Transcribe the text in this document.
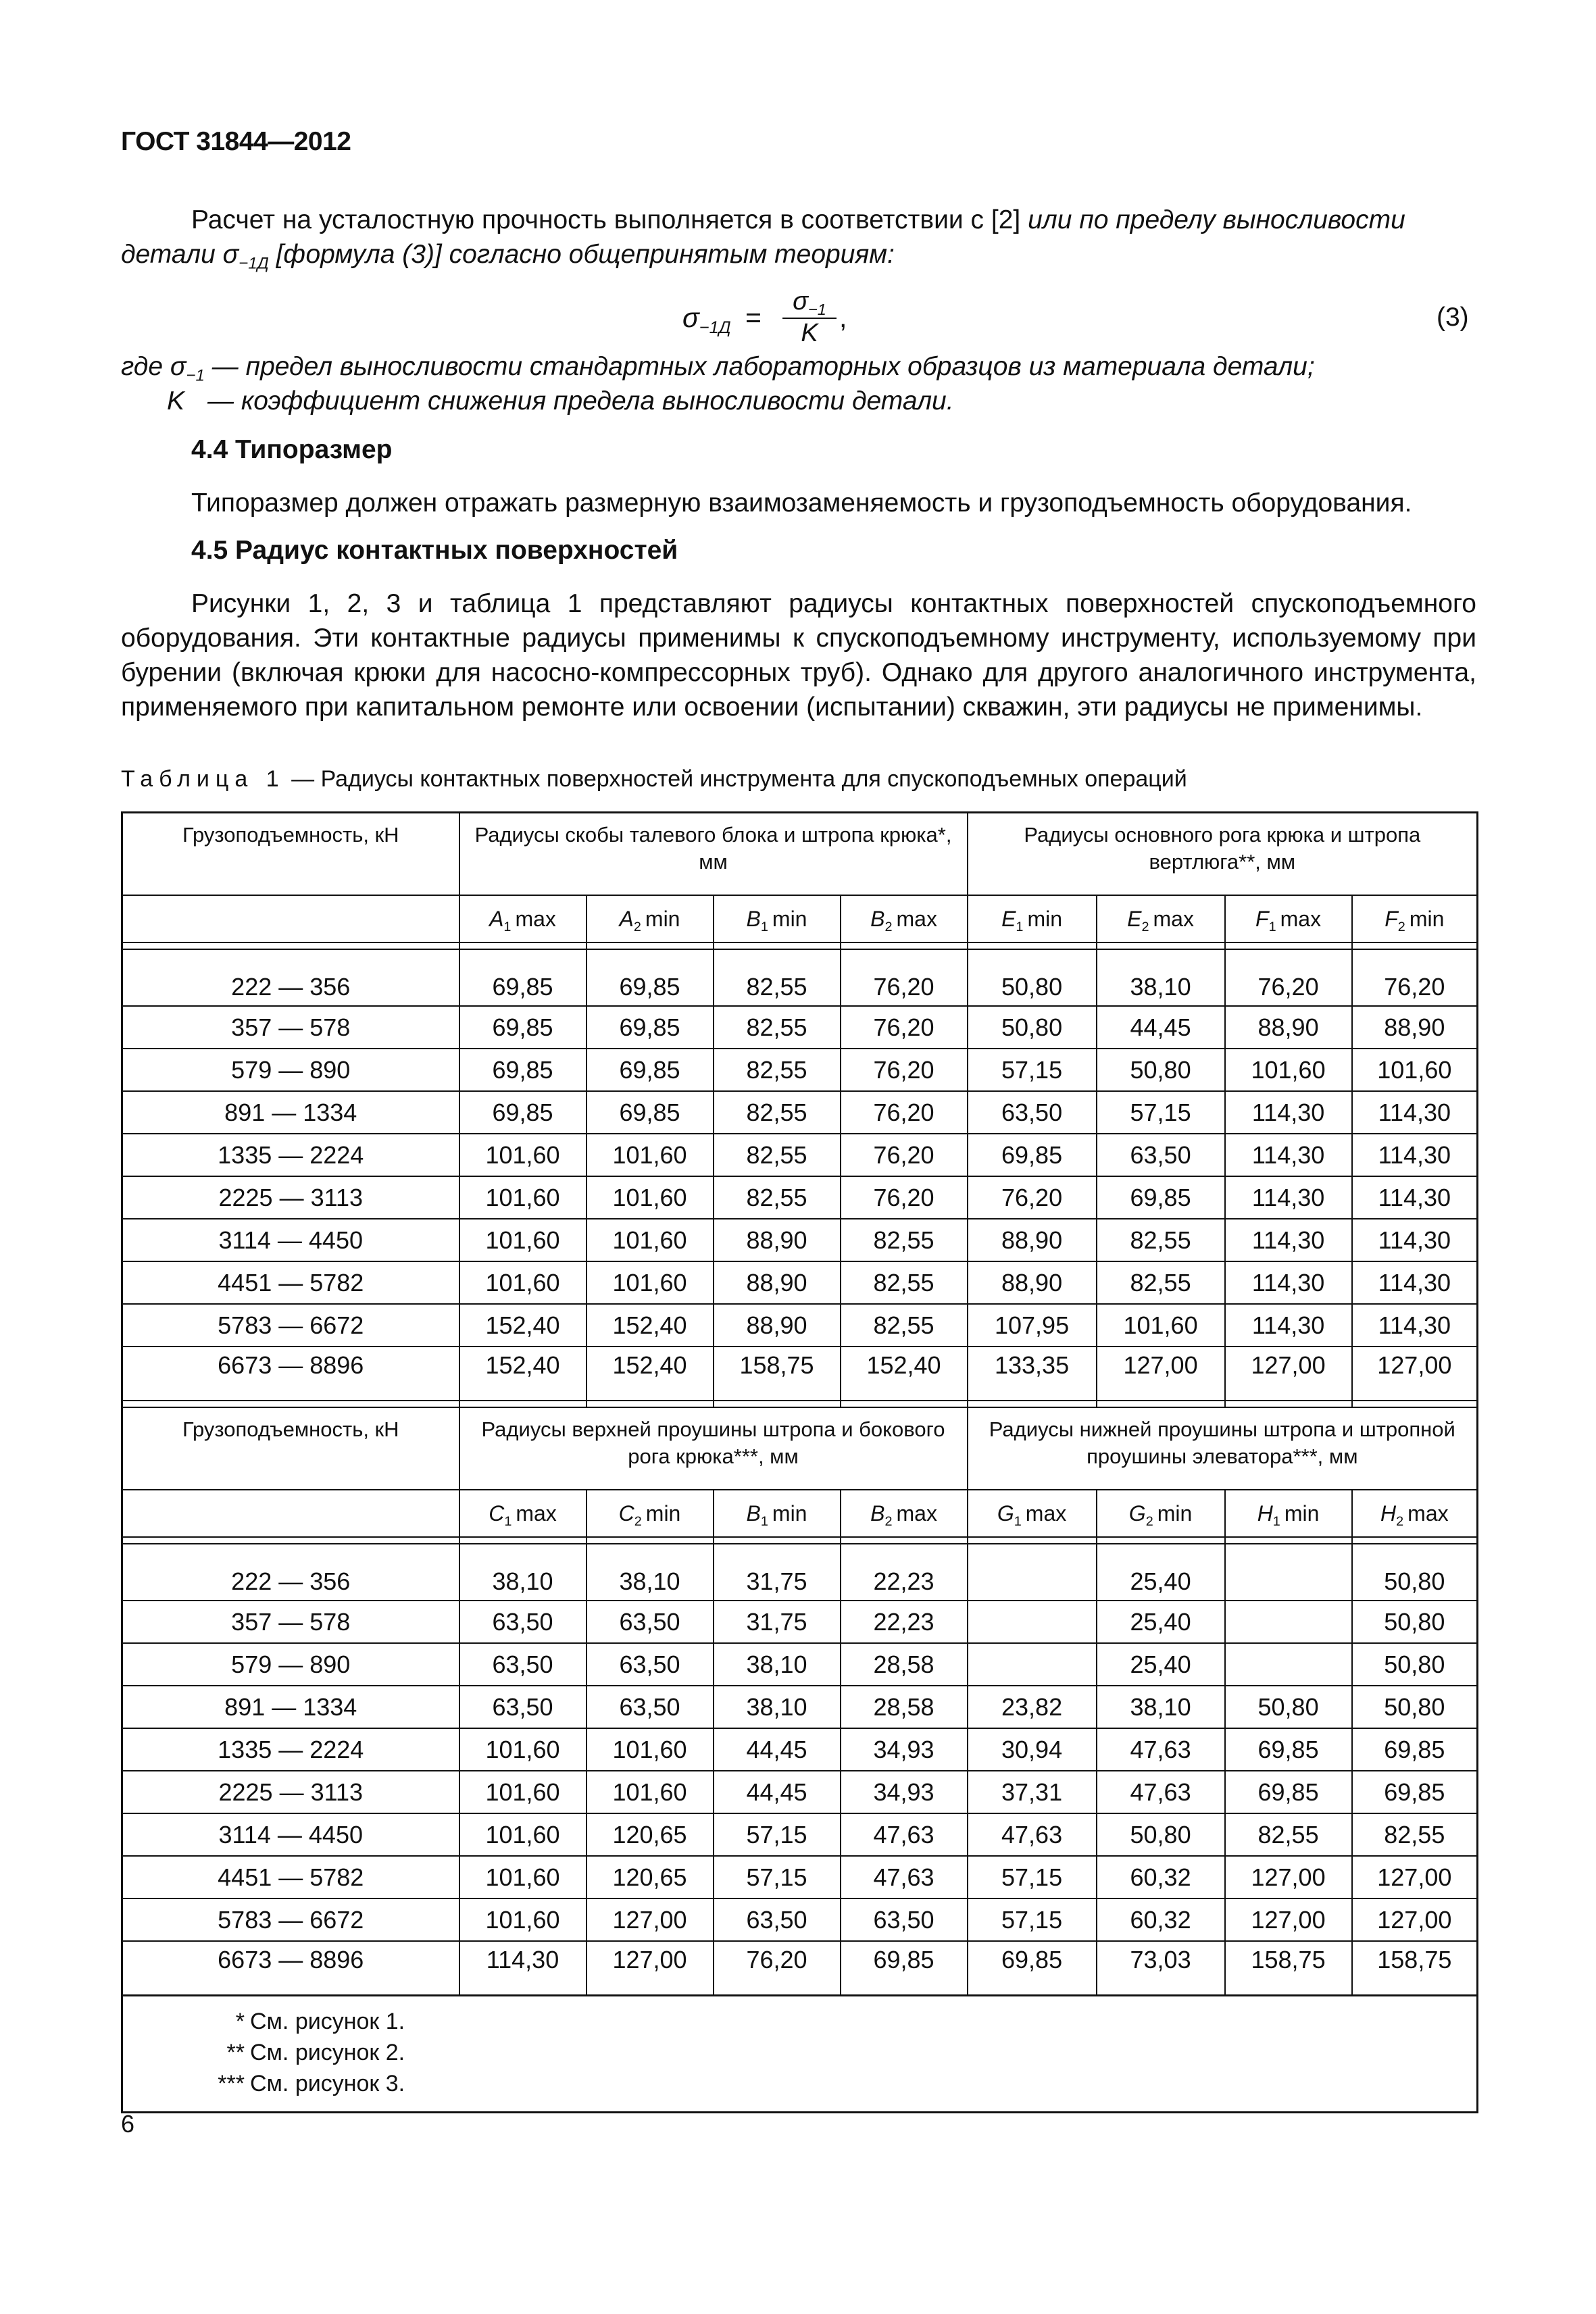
ГОСТ 31844—2012
Расчет на усталостную прочность выполняется в соответствии с [2] или по пределу выносливости
детали $\sigma_{-1Д}$ [формула (3)] согласно общепринятым теориям:
$\sigma_{-1Д} = \frac{\sigma_{-1}}{K}$ ,	(3)
где $\sigma_{-1}$ — предел выносливости стандартных лабораторных образцов из материала детали;
K — коэффициент снижения предела выносливости детали.
4.4 Типоразмер
Типоразмер должен отражать размерную взаимозаменяемость и грузоподъемность оборудования.
4.5 Радиус контактных поверхностей
Рисунки 1, 2, 3 и таблица 1 представляют радиусы контактных поверхностей спускоподъемного оборудования. Эти контактные радиусы применимы к спускоподъемному инструменту, используемому при бурении (включая крюки для насосно-компрессорных труб). Однако для другого аналогичного инструмента, применяемого при капитальном ремонте или освоении (испытании) скважин, эти радиусы не применимы.
Таблица 1 — Радиусы контактных поверхностей инструмента для спускоподъемных операций
Грузоподъемность, кН	Радиусы скобы талевого блока и штропа крюка*, мм				Радиусы основного рога крюка и штропа вертлюга**, мм			
	$A_1$ max	$A_2$ min	$B_1$ min	$B_2$ max	$E_1$ min	$E_2$ max	$F_1$ max	$F_2$ min

222 — 356	69,85	69,85	82,55	76,20	50,80	38,10	76,20	76,20
357 — 578	69,85	69,85	82,55	76,20	50,80	44,45	88,90	88,90
579 — 890	69,85	69,85	82,55	76,20	57,15	50,80	101,60	101,60
891 — 1334	69,85	69,85	82,55	76,20	63,50	57,15	114,30	114,30
1335 — 2224	101,60	101,60	82,55	76,20	69,85	63,50	114,30	114,30
2225 — 3113	101,60	101,60	82,55	76,20	76,20	69,85	114,30	114,30
3114 — 4450	101,60	101,60	88,90	82,55	88,90	82,55	114,30	114,30
4451 — 5782	101,60	101,60	88,90	82,55	88,90	82,55	114,30	114,30
5783 — 6672	152,40	152,40	88,90	82,55	107,95	101,60	114,30	114,30
6673 — 8896	152,40	152,40	158,75	152,40	133,35	127,00	127,00	127,00

Грузоподъемность, кН	Радиусы верхней проушины штропа и бокового рога крюка***, мм				Радиусы нижней проушины штропа и штропной проушины элеватора***, мм			
	$C_1$ max	$C_2$ min	$B_1$ min	$B_2$ max	$G_1$ max	$G_2$ min	$H_1$ min	$H_2$ max

222 — 356	38,10	38,10	31,75	22,23		25,40		50,80
357 — 578	63,50	63,50	31,75	22,23		25,40		50,80
579 — 890	63,50	63,50	38,10	28,58		25,40		50,80
891 — 1334	63,50	63,50	38,10	28,58	23,82	38,10	50,80	50,80
1335 — 2224	101,60	101,60	44,45	34,93	30,94	47,63	69,85	69,85
2225 — 3113	101,60	101,60	44,45	34,93	37,31	47,63	69,85	69,85
3114 — 4450	101,60	120,65	57,15	47,63	47,63	50,80	82,55	82,55
4451 — 5782	101,60	120,65	57,15	47,63	57,15	60,32	127,00	127,00
5783 — 6672	101,60	127,00	63,50	63,50	57,15	60,32	127,00	127,00
6673 — 8896	114,30	127,00	76,20	69,85	69,85	73,03	158,75	158,75

* См. рисунок 1.
** См. рисунок 2.
*** См. рисунок 3.
6
